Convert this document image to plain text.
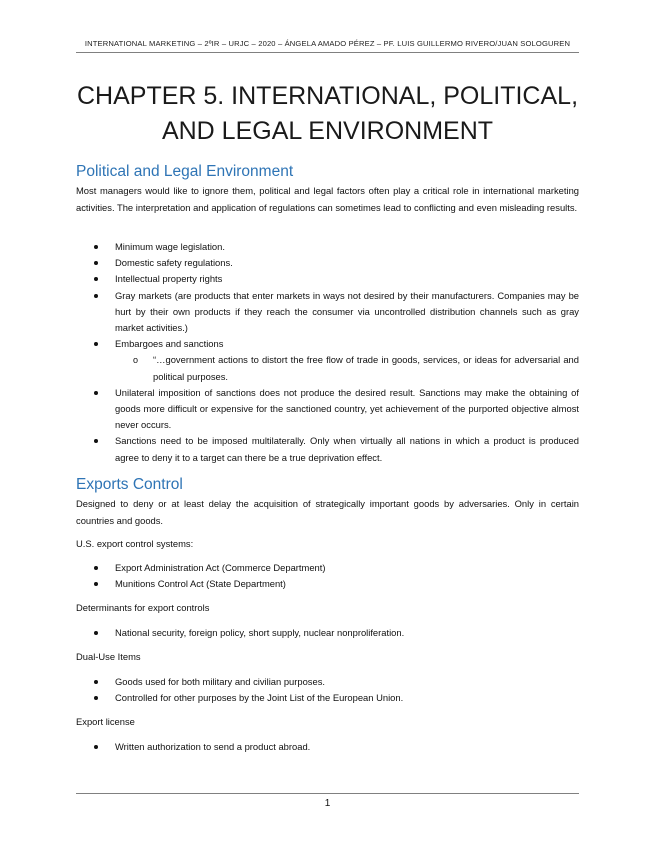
INTERNATIONAL MARKETING – 2ºIR – URJC – 2020 – ÁNGELA AMADO PÉREZ – PF. LUIS GUILLERMO RIVERO/JUAN SOLOGUREN
CHAPTER 5. INTERNATIONAL, POLITICAL,
AND LEGAL ENVIRONMENT
Political and Legal Environment

Most managers would like to ignore them, political and legal factors often play a critical role in international marketing activities. The interpretation and application of regulations can sometimes lead to conflicting and even misleading results.

Minimum wage legislation.
Domestic safety regulations.
Intellectual property rights
Gray markets (are products that enter markets in ways not desired by their manufacturers. Companies may be hurt by their own products if they reach the consumer via uncontrolled distribution channels such as gray market activities.)
Embargoes and sanctions
o “…government actions to distort the free flow of trade in goods, services, or ideas for adversarial and political purposes.
Unilateral imposition of sanctions does not produce the desired result. Sanctions may make the obtaining of goods more difficult or expensive for the sanctioned country, yet achievement of the purported objective almost never occurs.
Sanctions need to be imposed multilaterally. Only when virtually all nations in which a product is produced agree to deny it to a target can there be a true deprivation effect.
Exports Control

Designed to deny or at least delay the acquisition of strategically important goods by adversaries. Only in certain countries and goods.

U.S. export control systems:

Export Administration Act (Commerce Department)
Munitions Control Act (State Department)

Determinants for export controls

National security, foreign policy, short supply, nuclear nonproliferation.

Dual-Use Items

Goods used for both military and civilian purposes.
Controlled for other purposes by the Joint List of the European Union.

Export license

Written authorization to send a product abroad.
1
